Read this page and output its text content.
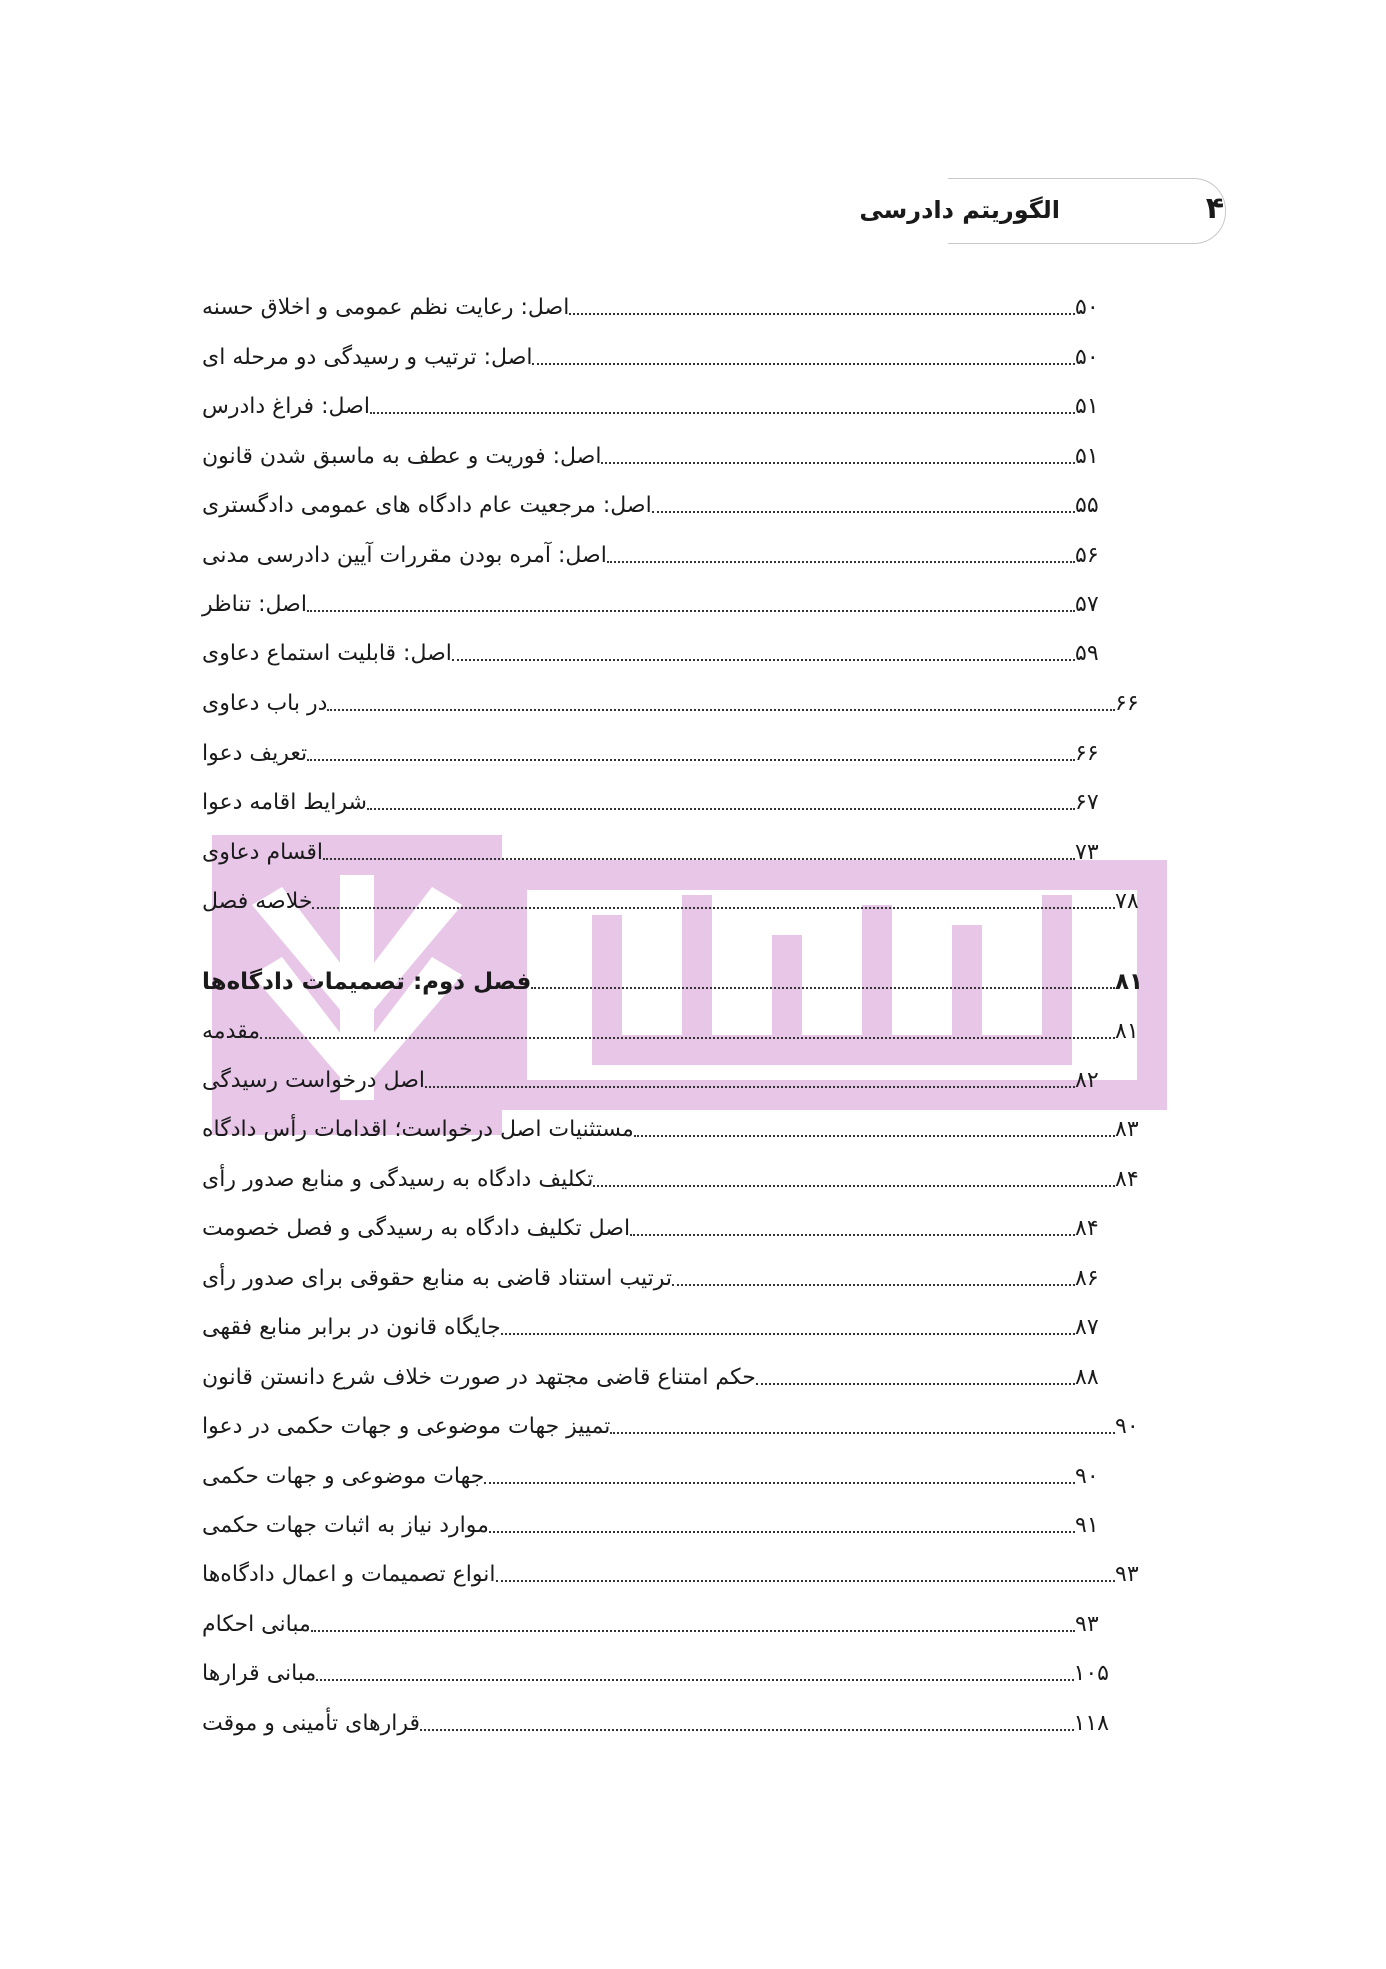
الگوریتم دادرسی	۴
اصل: رعایت نظم عمومی و اخلاق حسنه	۵۰
اصل: ترتیب و رسیدگی دو مرحله ای	۵۰
اصل: فراغ دادرس	۵۱
اصل: فوریت و عطف به ماسبق شدن قانون	۵۱
اصل: مرجعیت عام دادگاه های عمومی دادگستری	۵۵
اصل: آمره بودن مقررات آیین دادرسی مدنی	۵۶
اصل: تناظر	۵۷
اصل: قابلیت استماع دعاوی	۵۹
در باب دعاوی	۶۶
تعریف دعوا	۶۶
شرایط اقامه دعوا	۶۷
اقسام دعاوی	۷۳
خلاصه فصل	۷۸
فصل دوم: تصمیمات دادگاه‌ها	۸۱
مقدمه	۸۱
اصل درخواست رسیدگی	۸۲
مستثنیات اصل درخواست؛ اقدامات رأس دادگاه	۸۳
تکلیف دادگاه به رسیدگی و منابع صدور رأی	۸۴
اصل تکلیف دادگاه به رسیدگی و فصل خصومت	۸۴
ترتیب استناد قاضی به منابع حقوقی برای صدور رأی	۸۶
جایگاه قانون در برابر منابع فقهی	۸۷
حکم امتناع قاضی مجتهد در صورت خلاف شرع دانستن قانون	۸۸
تمییز جهات موضوعی و جهات حکمی در دعوا	۹۰
جهات موضوعی و جهات حکمی	۹۰
موارد نیاز به اثبات جهات حکمی	۹۱
انواع تصمیمات و اعمال دادگاه‌ها	۹۳
مبانی احکام	۹۳
مبانی قرارها	۱۰۵
قرارهای تأمینی و موقت	۱۱۸
